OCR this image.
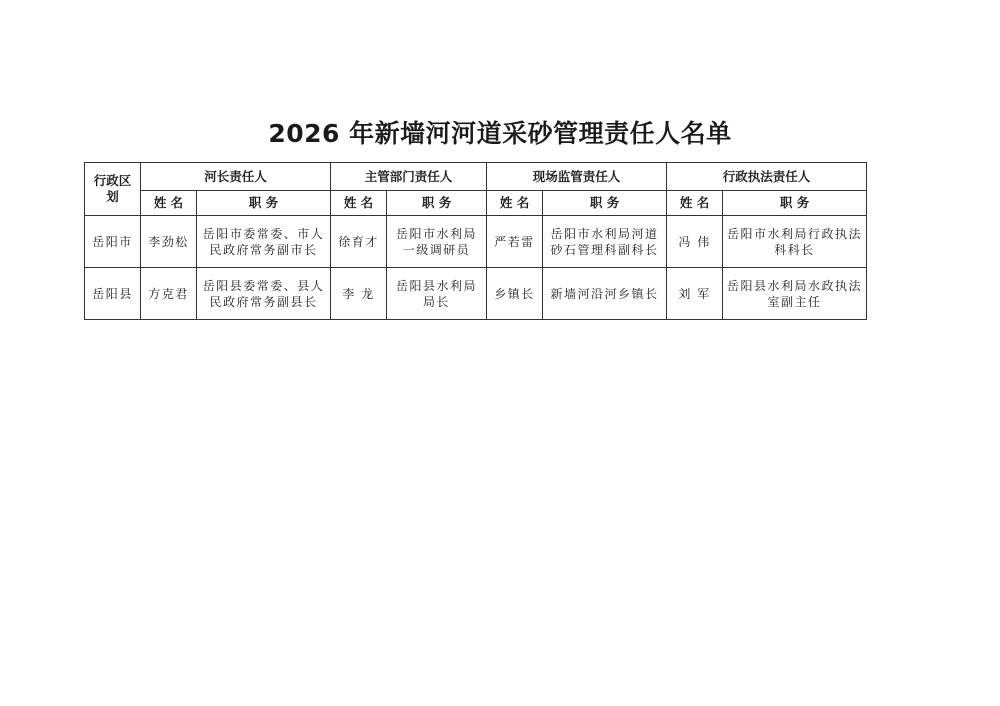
2026 年新墙河河道采砂管理责任人名单
行政区划	河长责任人		主管部门责任人		现场监管责任人		行政执法责任人	
	姓 名	职 务	姓 名	职 务	姓 名	职 务	姓 名	职 务
岳阳市	李劲松	岳阳市委常委、市人民政府常务副市长	徐育才	岳阳市水利局一级调研员	严若雷	岳阳市水利局河道砂石管理科副科长	冯 伟	岳阳市水利局行政执法科科长
岳阳县	方克君	岳阳县委常委、县人民政府常务副县长	李 龙	岳阳县水利局局长	乡镇长	新墙河沿河乡镇长	刘 军	岳阳县水利局水政执法室副主任
